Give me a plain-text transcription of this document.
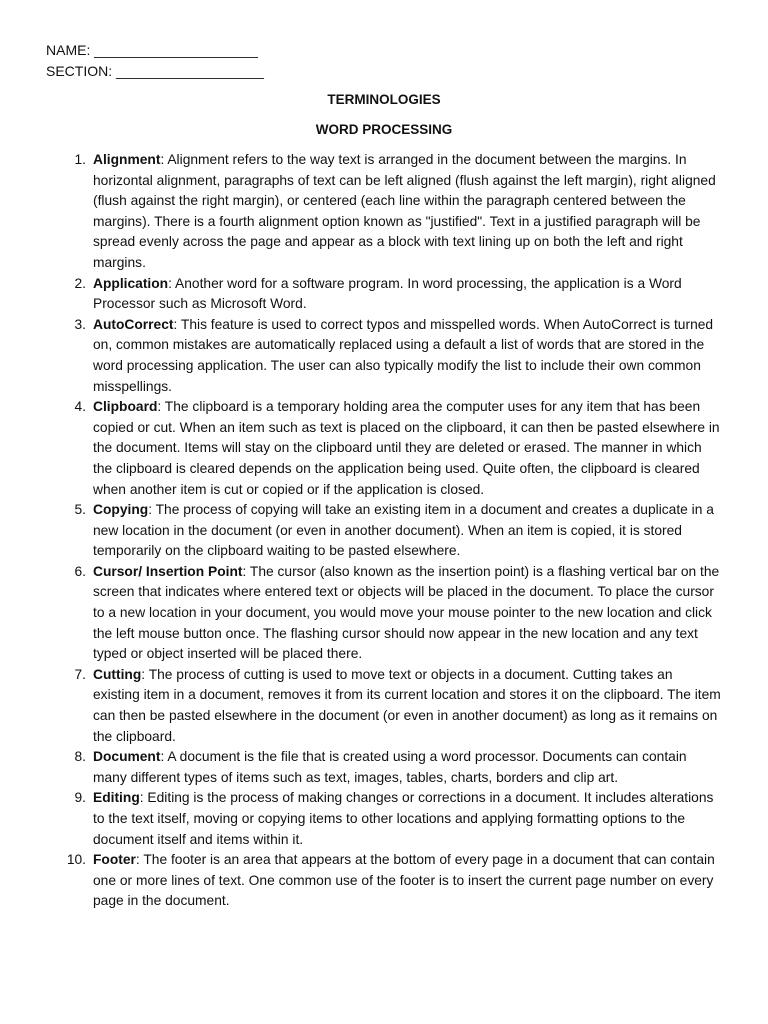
NAME: _____________________
SECTION: ___________________
TERMINOLOGIES
WORD PROCESSING
1. Alignment: Alignment refers to the way text is arranged in the document between the margins. In horizontal alignment, paragraphs of text can be left aligned (flush against the left margin), right aligned (flush against the right margin), or centered (each line within the paragraph centered between the margins). There is a fourth alignment option known as "justified". Text in a justified paragraph will be spread evenly across the page and appear as a block with text lining up on both the left and right margins.
2. Application: Another word for a software program. In word processing, the application is a Word Processor such as Microsoft Word.
3. AutoCorrect: This feature is used to correct typos and misspelled words. When AutoCorrect is turned on, common mistakes are automatically replaced using a default a list of words that are stored in the word processing application. The user can also typically modify the list to include their own common misspellings.
4. Clipboard: The clipboard is a temporary holding area the computer uses for any item that has been copied or cut. When an item such as text is placed on the clipboard, it can then be pasted elsewhere in the document. Items will stay on the clipboard until they are deleted or erased. The manner in which the clipboard is cleared depends on the application being used. Quite often, the clipboard is cleared when another item is cut or copied or if the application is closed.
5. Copying: The process of copying will take an existing item in a document and creates a duplicate in a new location in the document (or even in another document). When an item is copied, it is stored temporarily on the clipboard waiting to be pasted elsewhere.
6. Cursor/ Insertion Point: The cursor (also known as the insertion point) is a flashing vertical bar on the screen that indicates where entered text or objects will be placed in the document. To place the cursor to a new location in your document, you would move your mouse pointer to the new location and click the left mouse button once. The flashing cursor should now appear in the new location and any text typed or object inserted will be placed there.
7. Cutting: The process of cutting is used to move text or objects in a document. Cutting takes an existing item in a document, removes it from its current location and stores it on the clipboard. The item can then be pasted elsewhere in the document (or even in another document) as long as it remains on the clipboard.
8. Document: A document is the file that is created using a word processor. Documents can contain many different types of items such as text, images, tables, charts, borders and clip art.
9. Editing: Editing is the process of making changes or corrections in a document. It includes alterations to the text itself, moving or copying items to other locations and applying formatting options to the document itself and items within it.
10. Footer: The footer is an area that appears at the bottom of every page in a document that can contain one or more lines of text. One common use of the footer is to insert the current page number on every page in the document.
